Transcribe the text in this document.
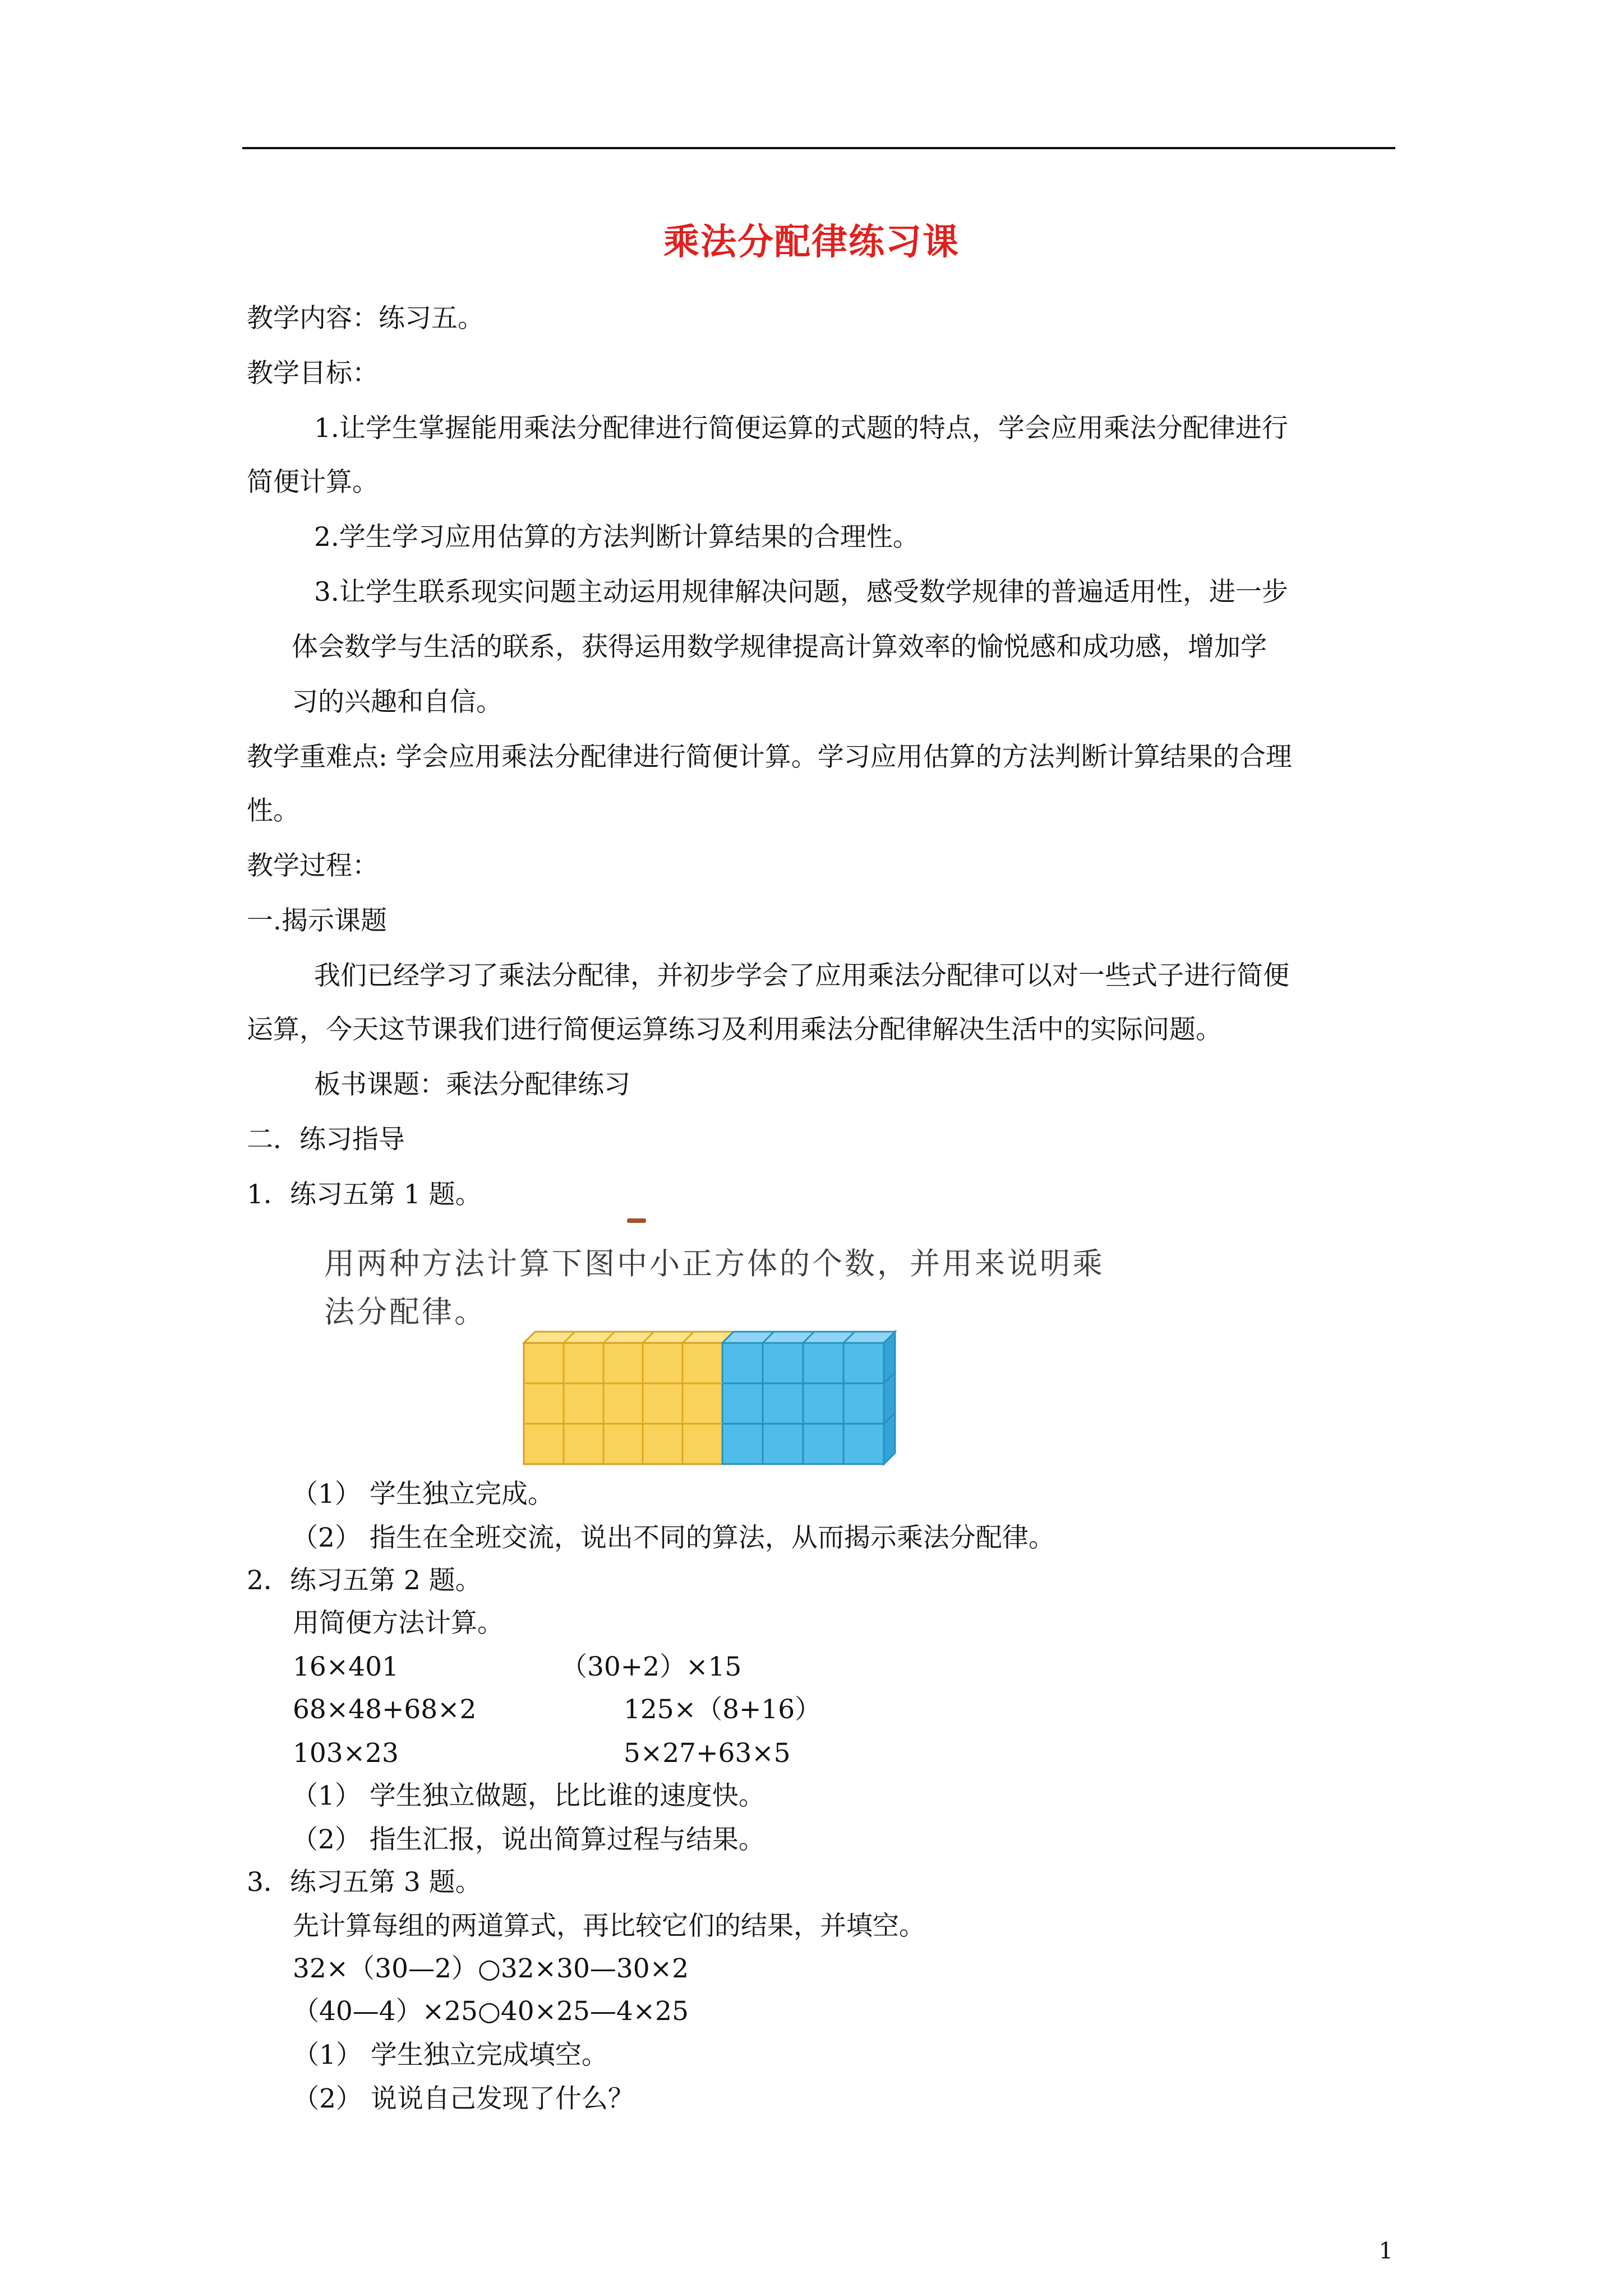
乘法分配律练习课
教学内容：练习五。
教学目标：
1.让学生掌握能用乘法分配律进行简便运算的式题的特点，学会应用乘法分配律进行
简便计算。
2.学生学习应用估算的方法判断计算结果的合理性。
3.让学生联系现实问题主动运用规律解决问题，感受数学规律的普遍适用性，进一步
体会数学与生活的联系，获得运用数学规律提高计算效率的愉悦感和成功感，增加学
习的兴趣和自信。
教学重难点: 学会应用乘法分配律进行简便计算。学习应用估算的方法判断计算结果的合理
性。
教学过程：
一.揭示课题
我们已经学习了乘法分配律，并初步学会了应用乘法分配律可以对一些式子进行简便
运算，今天这节课我们进行简便运算练习及利用乘法分配律解决生活中的实际问题。
板书课题：乘法分配律练习
二．练习指导
1．练习五第 1 题。
用两种方法计算下图中小正方体的个数，并用来说明乘
法分配律。
（1） 学生独立完成。
（2） 指生在全班交流，说出不同的算法，从而揭示乘法分配律。
2．练习五第 2 题。
用简便方法计算。
16×401	（30+2）×15
68×48+68×2	125×（8+16）
103×23	5×27+63×5
（1） 学生独立做题，比比谁的速度快。
（2） 指生汇报，说出简算过程与结果。
3．练习五第 3 题。
先计算每组的两道算式，再比较它们的结果，并填空。
32×（30—2）○32×30—30×2
（40—4）×25○40×25—4×25
（1） 学生独立完成填空。
（2） 说说自己发现了什么？
1
